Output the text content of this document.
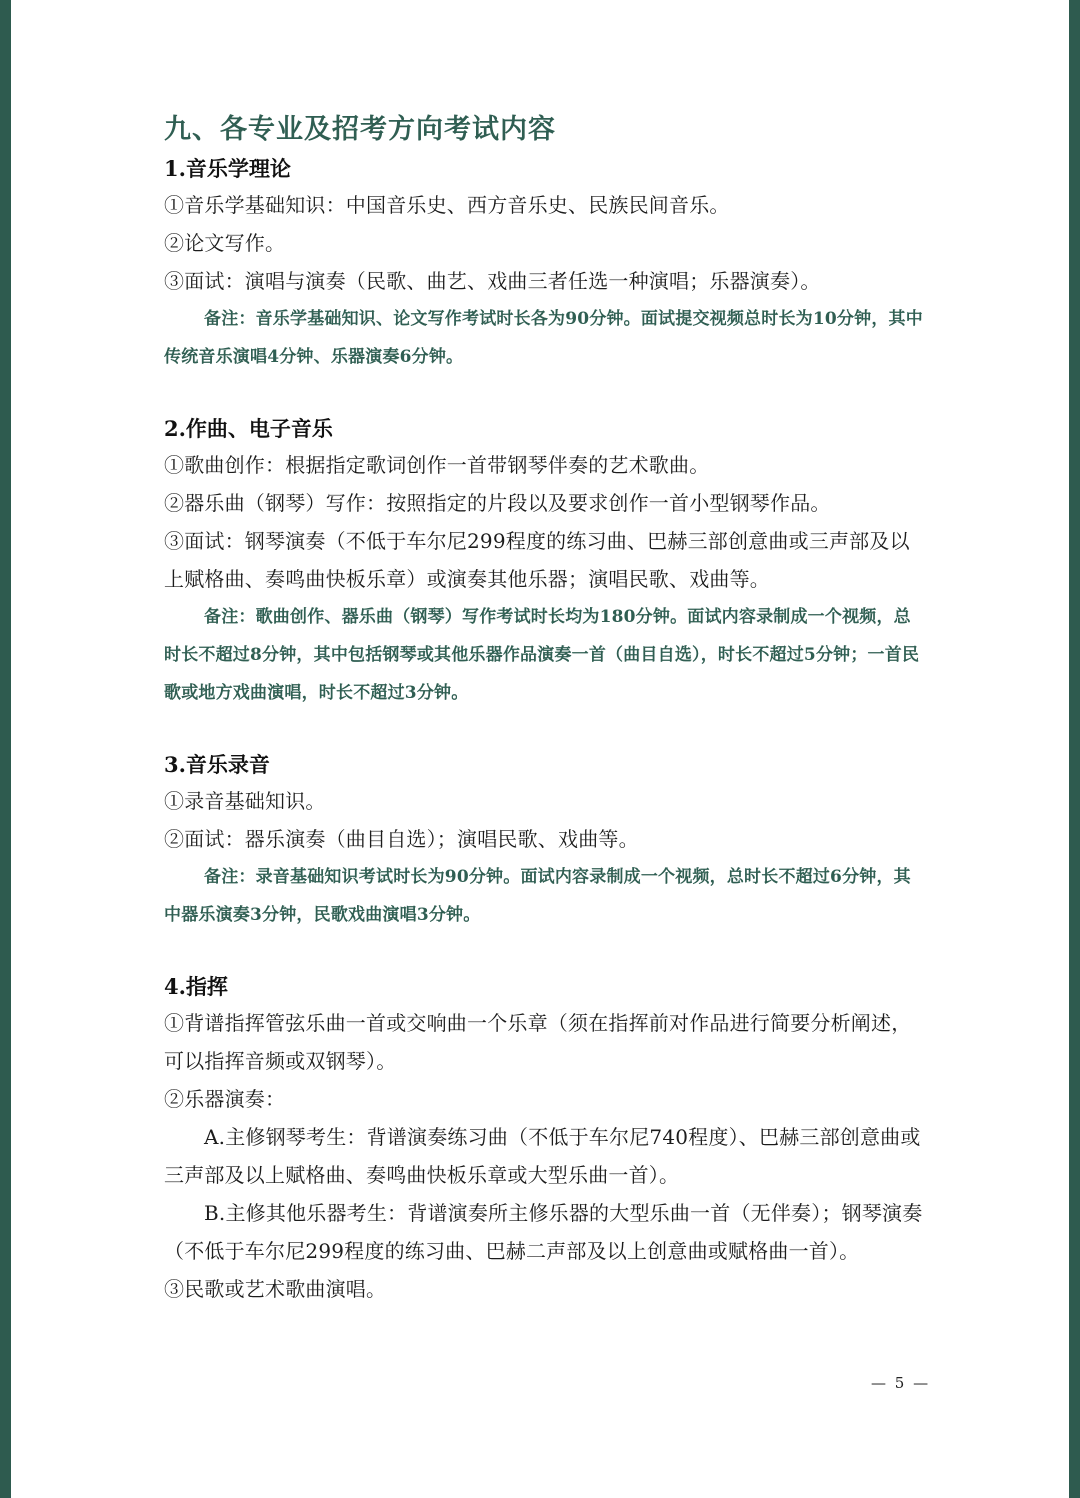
九、各专业及招考方向考试内容
1.音乐学理论

①音乐学基础知识：中国音乐史、西方音乐史、民族民间音乐。

②论文写作。

③面试：演唱与演奏（民歌、曲艺、戏曲三者任选一种演唱；乐器演奏）。

备注：音乐学基础知识、论文写作考试时长各为90分钟。面试提交视频总时长为10分钟，其中传统音乐演唱4分钟、乐器演奏6分钟。

2.作曲、电子音乐

①歌曲创作：根据指定歌词创作一首带钢琴伴奏的艺术歌曲。

②器乐曲（钢琴）写作：按照指定的片段以及要求创作一首小型钢琴作品。

③面试：钢琴演奏（不低于车尔尼299程度的练习曲、巴赫三部创意曲或三声部及以上赋格曲、奏鸣曲快板乐章）或演奏其他乐器；演唱民歌、戏曲等。

备注：歌曲创作、器乐曲（钢琴）写作考试时长均为180分钟。面试内容录制成一个视频，总时长不超过8分钟，其中包括钢琴或其他乐器作品演奏一首（曲目自选），时长不超过5分钟；一首民歌或地方戏曲演唱，时长不超过3分钟。

3.音乐录音

①录音基础知识。

②面试：器乐演奏（曲目自选）；演唱民歌、戏曲等。

备注：录音基础知识考试时长为90分钟。面试内容录制成一个视频，总时长不超过6分钟，其中器乐演奏3分钟，民歌戏曲演唱3分钟。

4.指挥

①背谱指挥管弦乐曲一首或交响曲一个乐章（须在指挥前对作品进行简要分析阐述，可以指挥音频或双钢琴）。

②乐器演奏：

A.主修钢琴考生：背谱演奏练习曲（不低于车尔尼740程度）、巴赫三部创意曲或三声部及以上赋格曲、奏鸣曲快板乐章或大型乐曲一首）。

B.主修其他乐器考生：背谱演奏所主修乐器的大型乐曲一首（无伴奏）；钢琴演奏（不低于车尔尼299程度的练习曲、巴赫二声部及以上创意曲或赋格曲一首）。

③民歌或艺术歌曲演唱。

— 5 —
